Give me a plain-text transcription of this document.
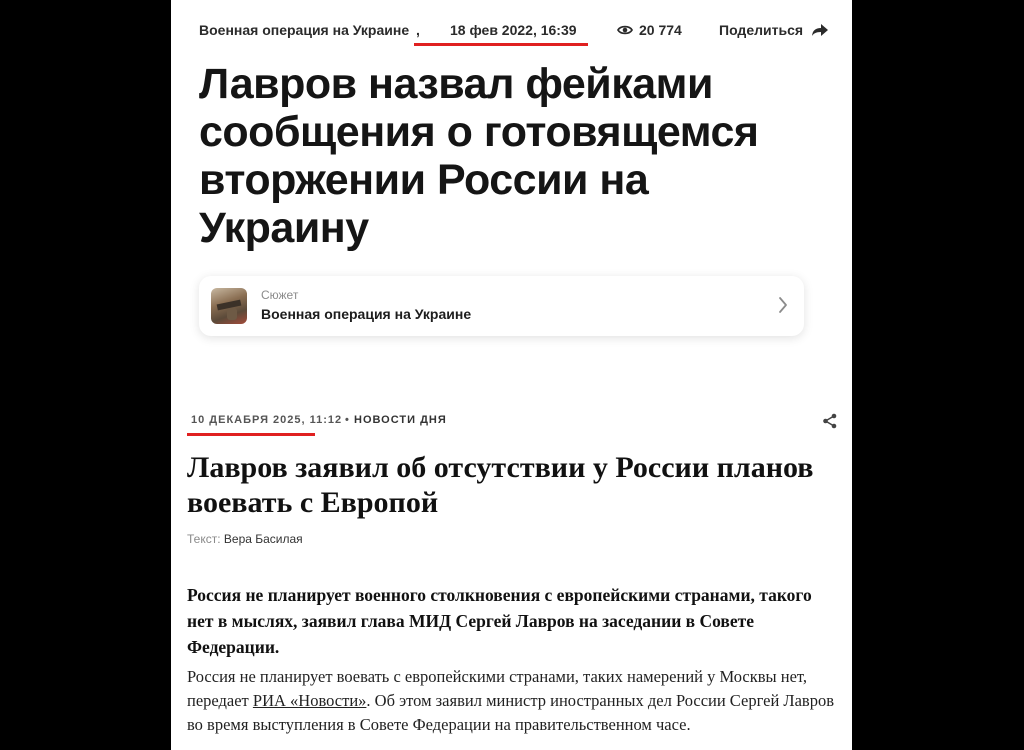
Военная операция на Украине , 18 фев 2022, 16:39	20 774	Поделиться
Лавров назвал фейками сообщения о готовящемся вторжении России на Украину
Сюжет
Военная операция на Украине
10 ДЕКАБРЯ 2025, 11:12 • НОВОСТИ ДНЯ
Лавров заявил об отсутствии у России планов воевать с Европой
Текст: Вера Басилая

Россия не планирует военного столкновения с европейскими странами, такого нет в мыслях, заявил глава МИД Сергей Лавров на заседании в Совете Федерации.

Россия не планирует воевать с европейскими странами, таких намерений у Москвы нет, передает РИА «Новости». Об этом заявил министр иностранных дел России Сергей Лавров во время выступления в Совете Федерации на правительственном часе.
